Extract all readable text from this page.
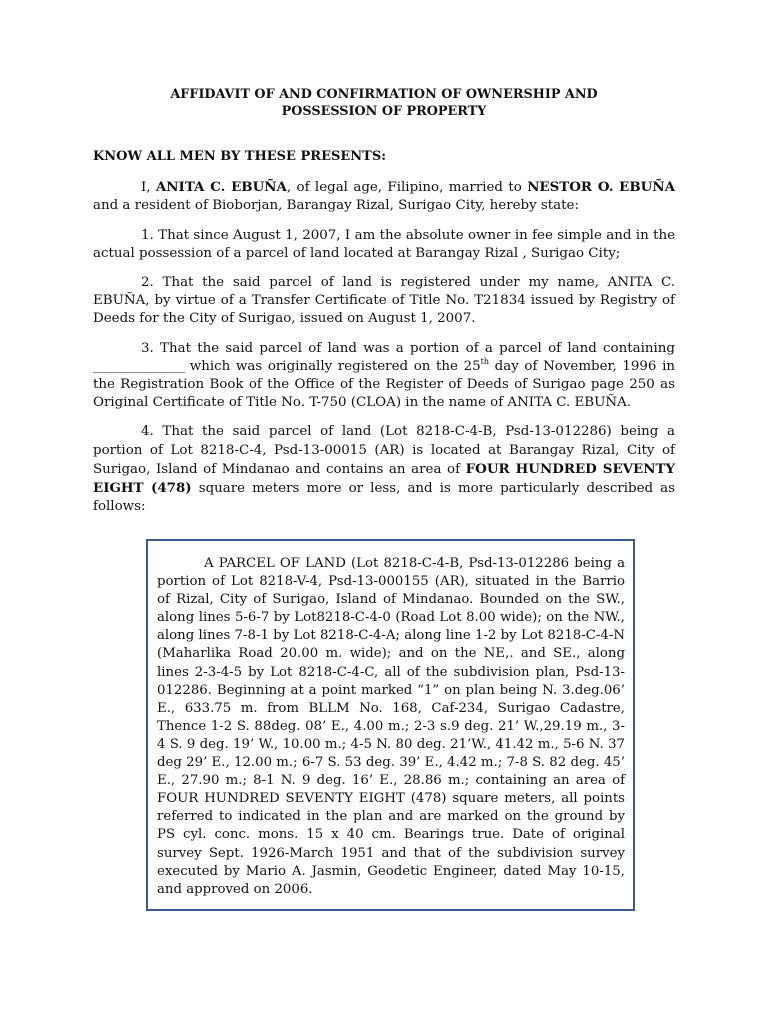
AFFIDAVIT OF AND CONFIRMATION OF OWNERSHIP AND
POSSESSION OF PROPERTY

KNOW ALL MEN BY THESE PRESENTS:

I, ANITA C. EBUÑA, of legal age, Filipino, married to NESTOR O. EBUÑA and a resident of Bioborjan, Barangay Rizal, Surigao City, hereby state:

1. That since August 1, 2007, I am the absolute owner in fee simple and in the actual possession of a parcel of land located at Barangay Rizal , Surigao City;

2. That the said parcel of land is registered under my name, ANITA C. EBUÑA, by virtue of a Transfer Certificate of Title No. T21834 issued by Registry of Deeds for the City of Surigao, issued on August 1, 2007.

3. That the said parcel of land was a portion of a parcel of land containing ________________ which was originally registered on the 25th day of November, 1996 in the Registration Book of the Office of the Register of Deeds of Surigao page 250 as Original Certificate of Title No. T-750 (CLOA) in the name of ANITA C. EBUÑA.

4. That the said parcel of land (Lot 8218-C-4-B, Psd-13-012286) being a portion of Lot 8218-C-4, Psd-13-00015 (AR) is located at Barangay Rizal, City of Surigao, Island of Mindanao and contains an area of FOUR HUNDRED SEVENTY EIGHT (478) square meters more or less, and is more particularly described as follows:

A PARCEL OF LAND (Lot 8218-C-4-B, Psd-13-012286 being a portion of Lot 8218-V-4, Psd-13-000155 (AR), situated in the Barrio of Rizal, City of Surigao, Island of Mindanao. Bounded on the SW., along lines 5-6-7 by Lot8218-C-4-0 (Road Lot 8.00 wide); on the NW., along lines 7-8-1 by Lot 8218-C-4-A; along line 1-2 by Lot 8218-C-4-N (Maharlika Road 20.00 m. wide); and on the NE,. and SE., along lines 2-3-4-5 by Lot 8218-C-4-C, all of the subdivision plan, Psd-13-012286. Beginning at a point marked “1” on plan being N. 3.deg.06’ E., 633.75 m. from BLLM No. 168, Caf-234, Surigao Cadastre, Thence 1-2 S. 88deg. 08’ E., 4.00 m.; 2-3 s.9 deg. 21’ W.,29.19 m., 3-4 S. 9 deg. 19’ W., 10.00 m.; 4-5 N. 80 deg. 21’W., 41.42 m., 5-6 N. 37 deg 29’ E., 12.00 m.; 6-7 S. 53 deg. 39’ E., 4.42 m.; 7-8 S. 82 deg. 45’ E., 27.90 m.; 8-1 N. 9 deg. 16’ E., 28.86 m.; containing an area of FOUR HUNDRED SEVENTY EIGHT (478) square meters, all points referred to indicated in the plan and are marked on the ground by PS cyl. conc. mons. 15 x 40 cm. Bearings true. Date of original survey Sept. 1926-March 1951 and that of the subdivision survey executed by Mario A. Jasmin, Geodetic Engineer, dated May 10-15, and approved on 2006.
